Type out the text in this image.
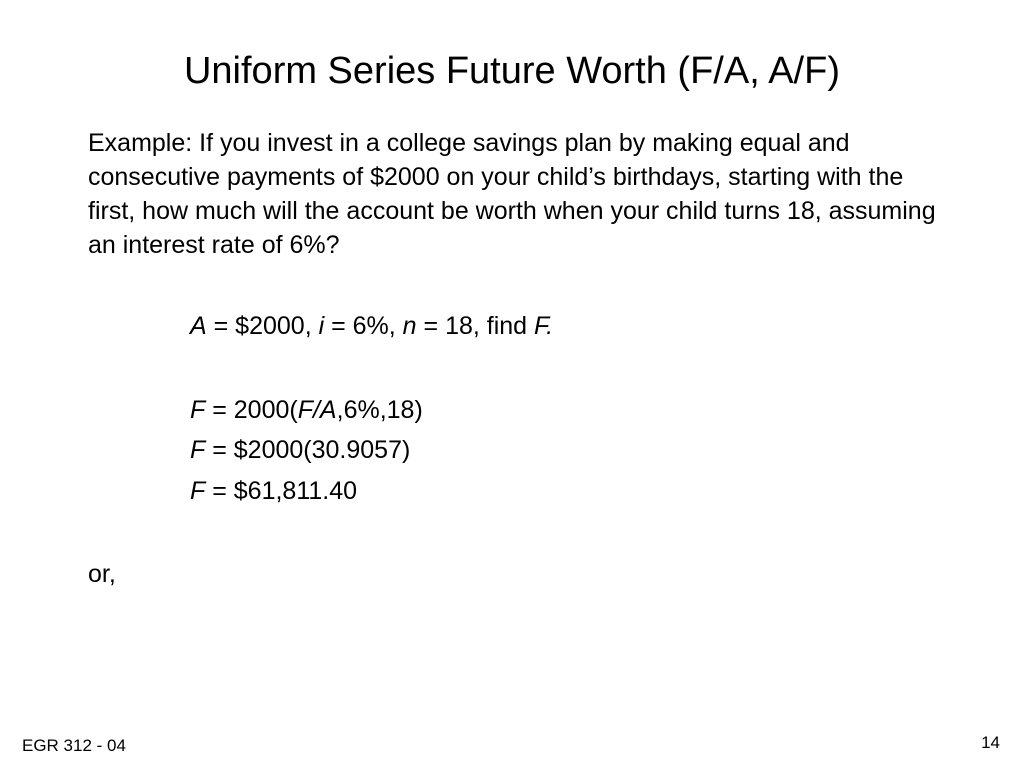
Uniform Series Future Worth (F/A, A/F)

Example: If you invest in a college savings plan by making equal and consecutive payments of $2000 on your child’s birthdays, starting with the first, how much will the account be worth when your child turns 18, assuming an interest rate of 6%?

A = $2000, i = 6%, n = 18, find F.

F = 2000(F/A,6%,18)

F = $2000(30.9057)

F = $61,811.40

or,

EGR 312 - 04	14
